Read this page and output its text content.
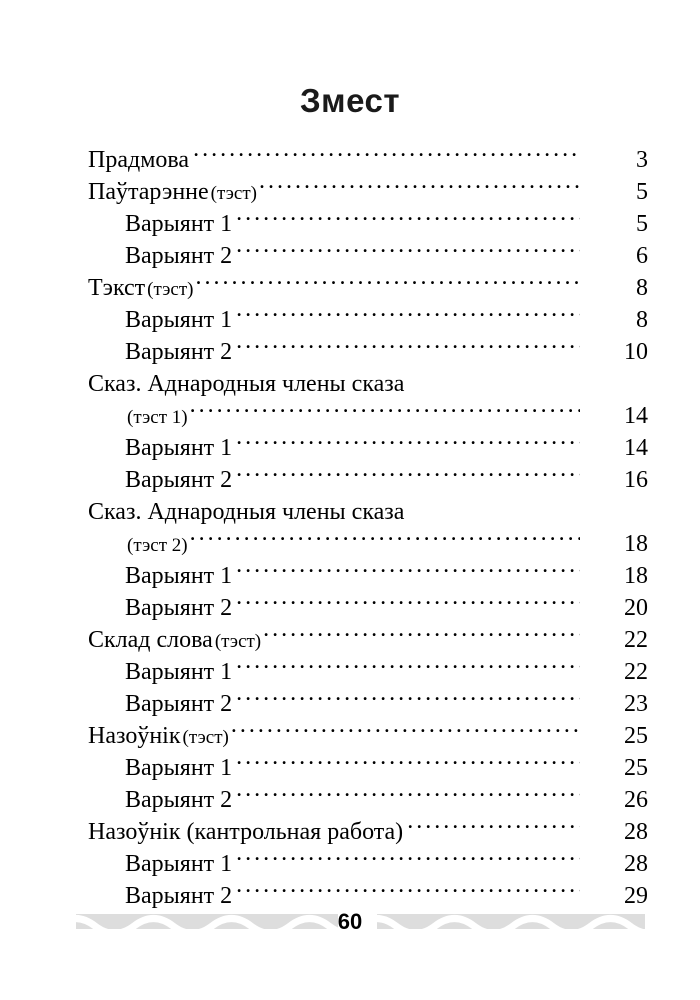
Змест
Прадмова .....	3
Паўтарэнне (тэст) .....	5
Варыянт 1 .....	5
Варыянт 2 .....	6
Тэкст (тэст) .....	8
Варыянт 1 .....	8
Варыянт 2 .....	10
Сказ. Аднародныя члены сказа
(тэст 1) .....	14
Варыянт 1 .....	14
Варыянт 2 .....	16
Сказ. Аднародныя члены сказа
(тэст 2) .....	18
Варыянт 1 .....	18
Варыянт 2 .....	20
Склад слова (тэст) .....	22
Варыянт 1 .....	22
Варыянт 2 .....	23
Назоўнік (тэст) .....	25
Варыянт 1 .....	25
Варыянт 2 .....	26
Назоўнік (кантрольная работа) .....	28
Варыянт 1 .....	28
Варыянт 2 .....	29
60
